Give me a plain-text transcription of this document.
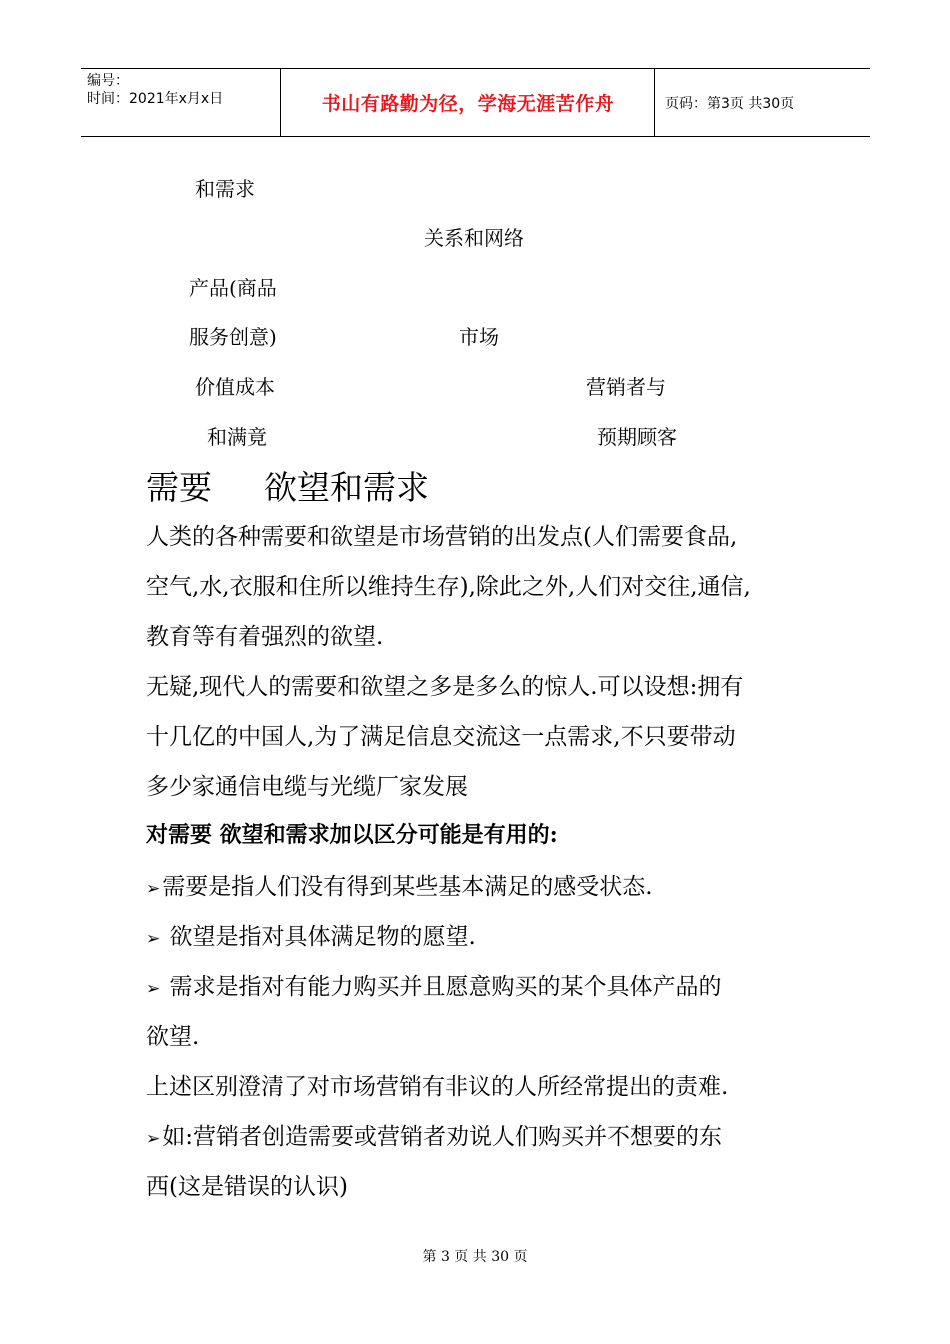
编号：
时间：2021年x月x日	书山有路勤为径，学海无涯苦作舟	页码：第3页 共30页
和需求
关系和网络
产品(商品
服务创意)	市场
价值成本	营销者与
和满竟	预期顾客
需要 欲望和需求
人类的各种需要和欲望是市场营销的出发点(人们需要食品,
空气,水,衣服和住所以维持生存),除此之外,人们对交往,通信,
教育等有着强烈的欲望.
无疑,现代人的需要和欲望之多是多么的惊人.可以设想:拥有
十几亿的中国人,为了满足信息交流这一点需求,不只要带动
多少家通信电缆与光缆厂家发展
对需要 欲望和需求加以区分可能是有用的:
➢需要是指人们没有得到某些基本满足的感受状态.
➢ 欲望是指对具体满足物的愿望.
➢ 需求是指对有能力购买并且愿意购买的某个具体产品的
欲望.
上述区别澄清了对市场营销有非议的人所经常提出的责难.
➢如:营销者创造需要或营销者劝说人们购买并不想要的东
西(这是错误的认识)
第 3 页 共 30 页
